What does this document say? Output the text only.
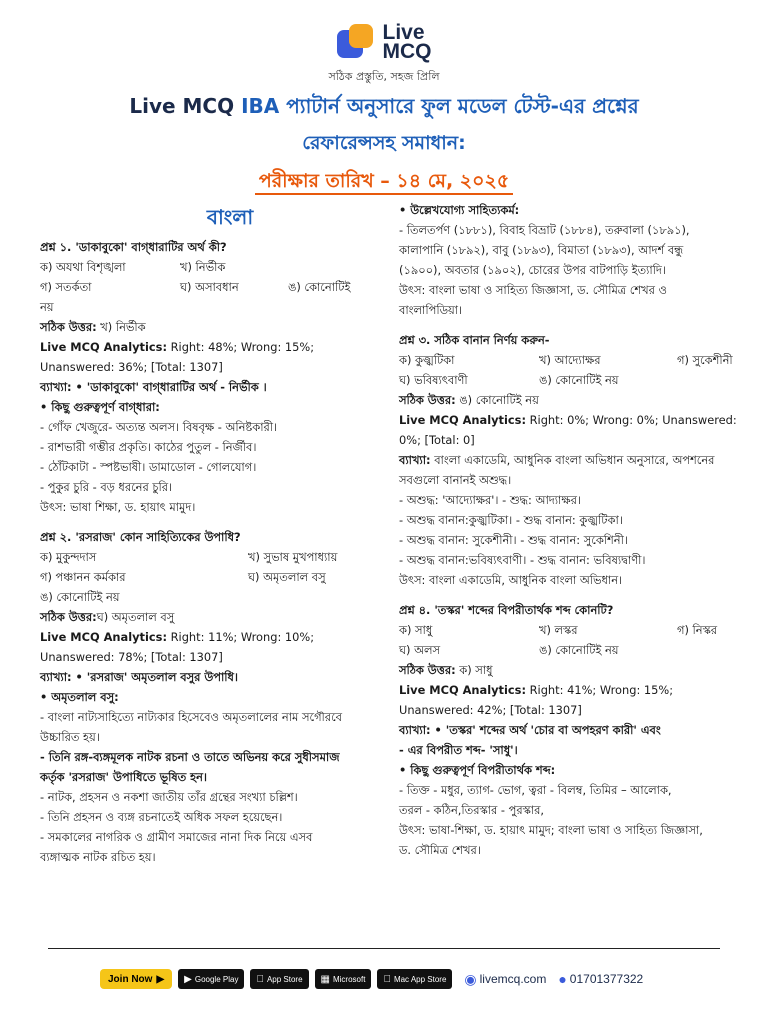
Live
MCQ
সঠিক প্রস্তুতি, সহজ প্রিলি
Live MCQ IBA প্যাটার্ন অনুসারে ফুল মডেল টেস্ট-এর প্রশ্নের
রেফারেন্সসহ সমাধান:
পরীক্ষার তারিখ – ১৪ মে, ২০২৫
বাংলা
প্রশ্ন ১. 'ডাকাবুকো' বাগ্‌ধারাটির অর্থ কী?
ক) অযথা বিশৃঙ্খলা	খ) নির্ভীক
গ) সতর্কতা	ঘ) অসাবধান	ঙ) কোনোটিই
নয়
সঠিক উত্তর: খ) নির্ভীক
Live MCQ Analytics: Right: 48%; Wrong: 15%;
Unanswered: 36%; [Total: 1307]
ব্যাখ্যা: • 'ডাকাবুকো' বাগ্‌ধারাটির অর্থ - নির্ভীক ।
• কিছু গুরুত্বপূর্ণ বাগ্‌ধারা:
- গোঁফ খেজুরে- অত্যন্ত অলস। বিষবৃক্ষ - অনিষ্টকারী।
- রাশভারী গম্ভীর প্রকৃতি। কাঠের পুতুল - নির্জীব।
- ঠোঁটকাটা - স্পষ্টভাষী। ডামাডোল - গোলযোগ।
- পুকুর চুরি - বড় ধরনের চুরি।
উৎস: ভাষা শিক্ষা, ড. হায়াৎ মামুদ।
প্রশ্ন ২. 'রসরাজ' কোন সাহিত্যিকের উপাধি?
ক) মুকুন্দদাস	খ) সুভাষ মুখপাধ্যায়
গ) পঞ্চানন কর্মকার	ঘ) অমৃতলাল বসু
ঙ) কোনোটিই নয়
সঠিক উত্তর:ঘ) অমৃতলাল বসু
Live MCQ Analytics: Right: 11%; Wrong: 10%;
Unanswered: 78%; [Total: 1307]
ব্যাখ্যা: • 'রসরাজ' অমৃতলাল বসুর উপাধি।
• অমৃতলাল বসু:
- বাংলা নাট্যসাহিত্যে নাট্যকার হিসেবেও অমৃতলালের নাম সগৌরবে
উচ্চারিত হয়।
- তিনি রঙ্গ-ব্যঙ্গমূলক নাটক রচনা ও তাতে অভিনয় করে সুধীসমাজ
কর্তৃক 'রসরাজ' উপাধিতে ভূষিত হন।
- নাটক, প্রহসন ও নকশা জাতীয় তাঁর গ্রন্থের সংখ্যা চল্লিশ।
- তিনি প্রহসন ও ব্যঙ্গ রচনাতেই অধিক সফল হয়েছেন।
- সমকালের নাগরিক ও গ্রামীণ সমাজের নানা দিক নিয়ে এসব
ব্যঙ্গাত্মক নাটক রচিত হয়।
• উল্লেখযোগ্য সাহিত্যকর্ম:
- তিলতর্পণ (১৮৮১), বিবাহ বিভ্রাট (১৮৮৪), তরুবালা (১৮৯১),
কালাপানি (১৮৯২), বাবু (১৮৯৩), বিমাতা (১৮৯৩), আদর্শ বন্ধু
(১৯০০), অবতার (১৯০২), চোরের উপর বাটপাড়ি ইত্যাদি।
উৎস: বাংলা ভাষা ও সাহিত্য জিজ্ঞাসা, ড. সৌমিত্র শেখর ও
বাংলাপিডিয়া।
প্রশ্ন ৩. সঠিক বানান নির্ণয় করুন-
ক) কুজ্ঝটিকা	খ) আদ্যোক্ষর	গ) সুকেশীনী
ঘ) ভবিষ্যৎবাণী	ঙ) কোনোটিই নয়
সঠিক উত্তর: ঙ) কোনোটিই নয়
Live MCQ Analytics: Right: 0%; Wrong: 0%; Unanswered:
0%; [Total: 0]
ব্যাখ্যা: বাংলা একাডেমি, আধুনিক বাংলা অভিধান অনুসারে, অপশনের
সবগুলো বানানই অশুদ্ধ।
- অশুদ্ধ: 'আদ্যোক্ষর'। - শুদ্ধ: আদ্যাক্ষর।
- অশুদ্ধ বানান:কুজ্ঝটিকা। - শুদ্ধ বানান: কুজ্ঝটিকা।
- অশুদ্ধ বানান: সুকেশীনী। - শুদ্ধ বানান: সুকেশিনী।
- অশুদ্ধ বানান:ভবিষ্যৎবাণী। - শুদ্ধ বানান: ভবিষ্যদ্বাণী।
উৎস: বাংলা একাডেমি, আধুনিক বাংলা অভিধান।
প্রশ্ন ৪. 'তস্কর' শব্দের বিপরীতার্থক শব্দ কোনটি?
ক) সাধু	খ) লস্কর	গ) নিস্কর
ঘ) অলস	ঙ) কোনোটিই নয়
সঠিক উত্তর: ক) সাধু
Live MCQ Analytics: Right: 41%; Wrong: 15%;
Unanswered: 42%; [Total: 1307]
ব্যাখ্যা: • 'তস্কর' শব্দের অর্থ 'চোর বা অপহরণ কারী' এবং
- এর বিপরীত শব্দ- 'সাধু'।
• কিছু গুরুত্বপূর্ণ বিপরীতার্থক শব্দ:
- তিক্ত - মধুর, ত্যাগ- ভোগ, ত্বরা - বিলম্ব, তিমির – আলোক,
তরল - কঠিন,তিরস্কার - পুরস্কার,
উৎস: ভাষা-শিক্ষা, ড. হায়াৎ মামুদ; বাংলা ভাষা ও সাহিত্য জিজ্ঞাসা,
ড. সৌমিত্র শেখর।
Join Now ▶ ▶ Google Play	App Store ▦ Microsoft	Mac App Store ◉ livemcq.com ● 01701377322
